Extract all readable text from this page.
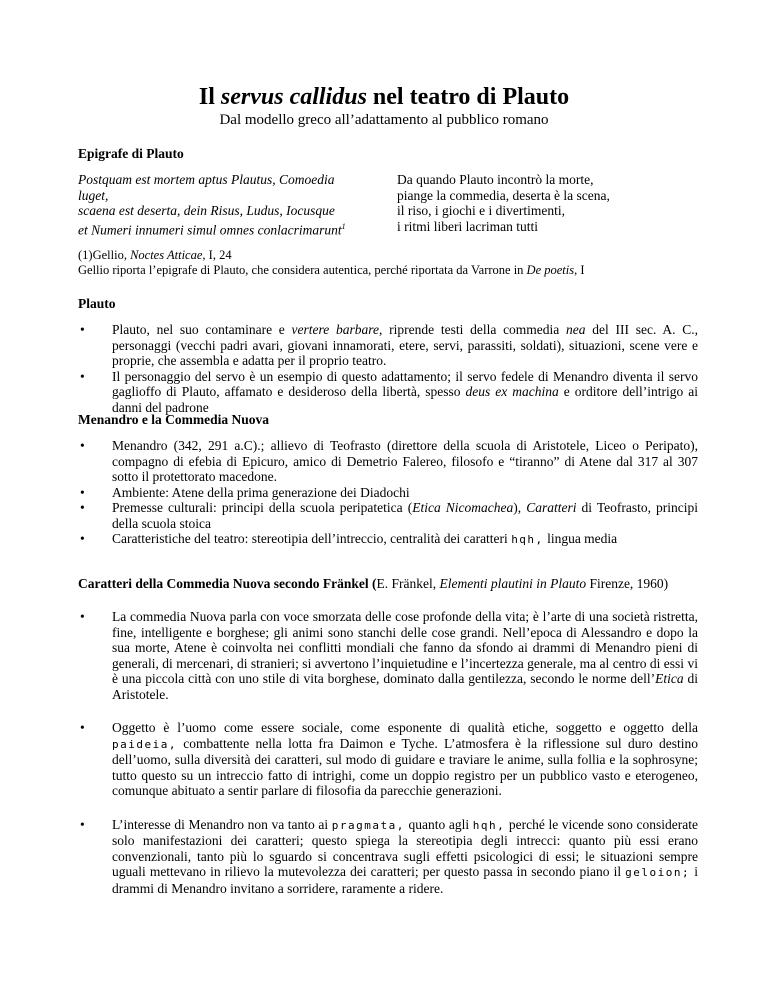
Il servus callidus nel teatro di Plauto
Dal modello greco all’adattamento al pubblico romano
Epigrafe di Plauto
Postquam est mortem aptus Plautus, Comoedia
luget,
scaena est deserta, dein Risus, Ludus, Iocusque
et Numeri innumeri simul omnes conlacrimarunt$^1$
Da quando Plauto incontrò la morte,
piange la commedia, deserta è la scena,
il riso, i giochi e i divertimenti,
i ritmi liberi lacriman tutti
(1)Gellio, Noctes Atticae, I, 24
Gellio riporta l’epigrafe di Plauto, che considera autentica, perché riportata da Varrone in De poetis, I
Plauto
• Plauto, nel suo contaminare e vertere barbare, riprende testi della commedia nea del III sec. A. C., personaggi (vecchi padri avari, giovani innamorati, etere, servi, parassiti, soldati), situazioni, scene vere e proprie, che assembla e adatta per il proprio teatro.
• Il personaggio del servo è un esempio di questo adattamento; il servo fedele di Menandro diventa il servo gaglioffo di Plauto, affamato e desideroso della libertà, spesso deus ex machina e orditore dell’intrigo ai danni del padrone
Menandro e la Commedia Nuova
• Menandro (342, 291 a.C).; allievo di Teofrasto (direttore della scuola di Aristotele, Liceo o Peripato), compagno di efebia di Epicuro, amico di Demetrio Falereo, filosofo e “tiranno” di Atene dal 317 al 307 sotto il protettorato macedone.
• Ambiente: Atene della prima generazione dei Diadochi
• Premesse culturali: principi della scuola peripatetica (Etica Nicomachea), Caratteri di Teofrasto, principi della scuola stoica
• Caratteristiche del teatro: stereotipia dell’intreccio, centralità dei caratteri hqh, lingua media
Caratteri della Commedia Nuova secondo Fränkel (E. Fränkel, Elementi plautini in Plauto Firenze, 1960)
• La commedia Nuova parla con voce smorzata delle cose profonde della vita; è l’arte di una società ristretta, fine, intelligente e borghese; gli animi sono stanchi delle cose grandi. Nell’epoca di Alessandro e dopo la sua morte, Atene è coinvolta nei conflitti mondiali che fanno da sfondo ai drammi di Menandro pieni di generali, di mercenari, di stranieri; si avvertono l’inquietudine e l’incertezza generale, ma al centro di essi vi è una piccola città con uno stile di vita borghese, dominato dalla gentilezza, secondo le norme dell’Etica di Aristotele.
• Oggetto è l’uomo come essere sociale, come esponente di qualità etiche, soggetto e oggetto della paideia, combattente nella lotta fra Daimon e Tyche. L’atmosfera è la riflessione sul duro destino dell’uomo, sulla diversità dei caratteri, sul modo di guidare e traviare le anime, sulla follia e la sophrosyne; tutto questo su un intreccio fatto di intrighi, come un doppio registro per un pubblico vasto e eterogeneo, comunque abituato a sentir parlare di filosofia da parecchie generazioni.
• L’interesse di Menandro non va tanto ai pragmata, quanto agli hqh, perché le vicende sono considerate solo manifestazioni dei caratteri; questo spiega la stereotipia degli intrecci: quanto più essi erano convenzionali, tanto più lo sguardo si concentrava sugli effetti psicologici di essi; le situazioni sempre uguali mettevano in rilievo la mutevolezza dei caratteri; per questo passa in secondo piano il geloion; i drammi di Menandro invitano a sorridere, raramente a ridere.
